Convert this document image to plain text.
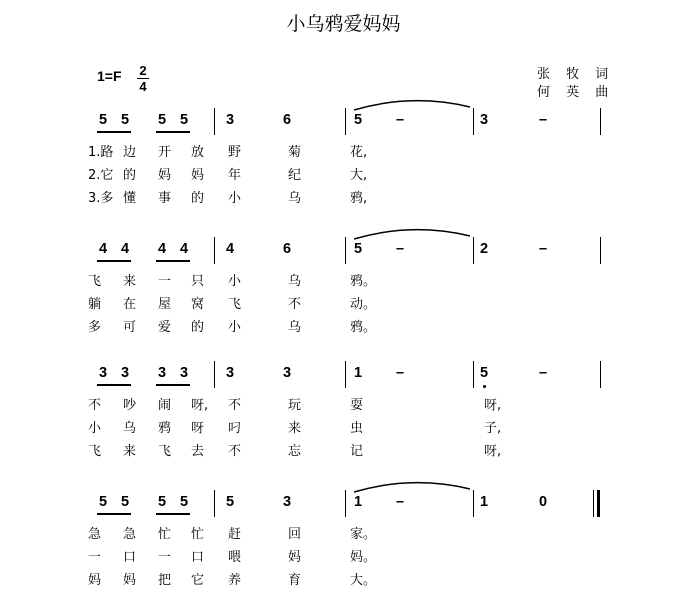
小乌鸦爱妈妈
1=F 2
4
张 牧 词
何 英 曲
5 5	5 5	3	6	5	–	3	–
1.路 边 开 放 野	菊	花,
2.它 的 妈 妈 年	纪	大,
3.多 懂 事 的 小	乌	鸦,
4 4	4 4	4	6	5	–	2	–
飞 来 一 只 小	乌	鸦。
躺 在 屋 窝 飞	不	动。
多 可 爱 的 小	乌	鸦。
3 3	3 3	3	3	1	–	5	–
不 吵 闹 呀, 不	玩	耍	呀,
小 乌 鸦 呀 叼	来	虫	子,
飞 来 飞 去 不	忘	记	呀,
5 5	5 5	5	3	1	–	1	0
急 急 忙 忙 赶	回	家。
一 口 一 口 喂	妈	妈。
妈 妈 把 它 养	育	大。
